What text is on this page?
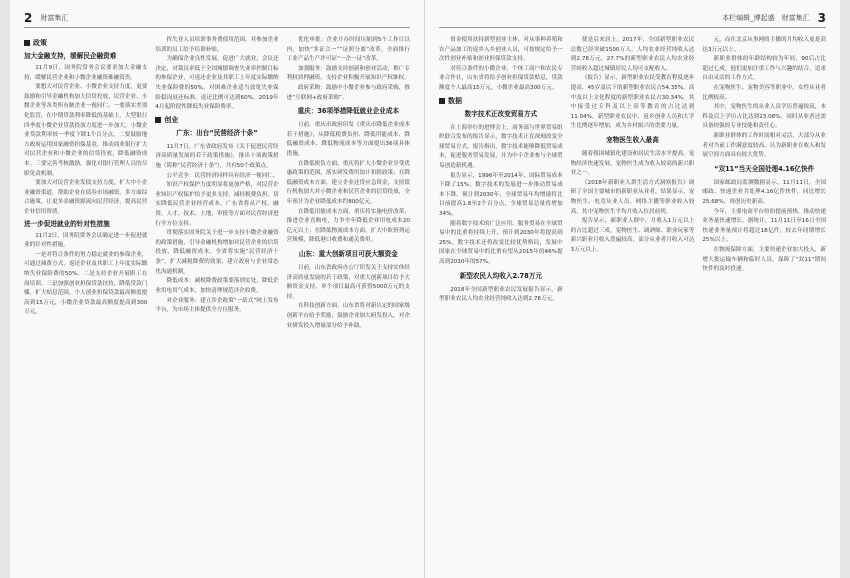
2 财富集汇
政策
加大金融支持，缓解民企融资难

11月9日，国务院常务会议要求加大金融支持，缓解民营企业和小微企业融资难融资贵。

要想大对民营企业、小微企业支持力度，更要鼓励和引导金融机构加大信贷投放，民营企业、小微企业等各类所有制企业一视同仁。一要落实差别化监管，在中期贷款利率降低的基础上，大型银行四季度小微企业贷款投放力度进一步加大，小微企业贷款利率较一季度下降1个百分点。二要鼓励地方政府运用国家融资担保基金，推动商业银行扩大对民营企业和小微企业的信贷投放，降低融资成本。三要完善考核激励，强化对银行管理人员的尽职免责机制。

要加大对民营企业发债支持力度，扩大中小企业融资渠道，帮助企业在债券市场融资。多方面综合施策，让更多金融资源流向民营经济，提高民营企业信用资质。

进一步促进就业的针对性措施

11月2日，国务院常务会议确定进一步促进就业的针对性措施。

一是对符合条件的努力稳定就业的参保企业，可通过减费方式，返还企业及其职工上年度实际缴纳失业保险费的50%。二是支持企业开展职工在岗培训。三是加强创业担保贷款扶持，降低贷款门槛，扩大贴息范围，个人创业担保贷款最高额度提高到15万元，小微企业贷款最高额度提高到300万元。

挥失业人员培训事务费使用范围，对参加企业培训的员工给予培训补贴。

为确保企业良性发展，促进广大就业，会议还决定，对裁员率低于全国城镇调查失业率控制目标的参保企业，可返还企业及其职工上年度实际缴纳失业保险费的50%。对困难企业适当放宽失业保险稳岗返还标准，返还比例可达到60%。2019年4月起阶段性降低失业保险费率。

创业
广东：出台“民营经济十条”

11月7日，广东省政府发布《关于促进民营经济高质量发展的若干政策措施》，推出十项政策措施（简称“民营经济十条”），共有50个政策点。

公平竞争：民营经济同样具有经济一视同仁。

知识产权保护力度明显将更加严格，对民营企业知识产权保护给予更多支持。减轻税费负担，切实降低民营企业经营成本。广东省将从产权、融资、人才、技术、土地、审批等方面对民营经济进行全方位支持。

贯彻落实国务院关于进一步支持小微企业融资的政策措施，引导金融机构增加对民营企业的信贷投放，降低融资成本。全省将实施“民营经济十条”，扩大减税降费的效果，建立政府与企业常态化沟通机制。

降低成本：减税降费政策要落到实处，降低企业用电用气成本，加快清理规范涉企收费。

对企业服务：建立涉企政策“一站式”网上发布平台，为市场主体提供全方位服务。

优化审批：企业开办时间压缩到5个工作日以内，加快“多证合一”“证照分离”改革，全面推行工业产品生产许可证“一企一证”改革。

加强服务：鼓励支持创新和创业活动，推广专利权质押融资，支持企业积极开展知识产权维权。

政府采购：鼓励中小微企业参与政府采购，推进“互联网+政府采购”。

重庆：36项举措降低就业企业成本

日前，重庆市政府印发《重庆市降低企业成本若干措施》，从降低税费负担、降低用能成本、降低融资成本、降低物流成本等方面提出36项具体措施。

在降低税负方面，重庆将扩大小微企业享受优惠政策的范围，落实研发费用加计扣除政策；在降低融资成本方面，建立企业还贷应急资金，支持银行机构加大对小微企业和民营企业的信贷投放，全年预计为企业降低成本约800亿元。

在降低用能成本方面，重庆将实施电价改革，推进企业直购电，力争全年降低企业用电成本20亿元以上；在降低物流成本方面，扩大中欧班列运营规模，降低港口收费和通关费用。

山东：重大创新项目可获大额资金

日前，山东省政府办公厅印发关于支持实体经济高质量发展的若干政策，对重大创新项目给予大额资金支持，单个项目最高可获得5000万元的支持。

在科技创新方面，山东省将对新认定的国家级创新平台给予奖励，鼓励企业加大研发投入，对企业研发投入增量部分给予补助。

本栏编辑_博起盛　财富集汇 3

资金使用扶持新型创业主体。对从事种养殖和农产品加工的返乡入乡创业人员，可按规定给予一次性创业补贴和创业担保贷款支持。

对符合条件的小微企业、个体工商户和农民专业合作社，山东省将给予创业担保贷款贴息，贷款额度个人最高15万元，小微企业最高300万元。

数据
数字技术正改变贸易方式

在上海举行的进博会上，商务部与世界贸易组织联合发布的报告显示，数字技术正在深刻改变全球贸易方式。报告指出，数字技术能够降低贸易成本，促进服务贸易发展，并为中小企业参与全球贸易创造新机遇。

报告显示，1996年至2014年，国际贸易成本下降了15%，数字技术的发展进一步推动贸易成本下降。预计到2030年，全球贸易年均增速将比目前提高1.8至2个百分点，全球贸易总量将增加34%。

随着数字技术的广泛应用，服务贸易在全球贸易中的比重将持续上升，预计到2030年将提高到25%。数字技术还将改变比较优势格局，发展中国家在全球贸易中的比重有望从2015年的46%提高到2030年的57%。

新型农民人均收入2.78万元

2018年全国新型职业农民发展报告显示，新型职业农民人均农业经营纯收入达到2.78万元。

使是后来居上。2017年，全国新型职业农民总数已经突破1500万人，人均农业经营纯收入达到2.78万元，27.7%的新型职业农民人均农业经营纯收入超过城镇居民人均可支配收入。

《报告》显示，新型职业农民受教育程度逐步提高，45岁及以下的新型职业农民占54.35%，高中及以上文化程度的新型职业农民占30.34%，其中接受过专科及以上高等教育的占比达到11.04%。新型职业农民中，返乡创业人员和大学生比例逐年增加，成为乡村振兴的重要力量。

宠物医生收入最高

随着我国城镇化建设和居民生活水平提高，宠物经济快速发展，宠物医生成为收入较高的新兴职业之一。

《2018年新职业人群生活方式洞察报告》调研了全国主要城市的新职业从业者，结果显示，宠物医生、电竞从业人员、网络主播等职业收入较高，其中宠物医生平均月收入位居前列。

报告显示，新职业人群中，月收入1万元以上的占比超过三成，宠物医生、调酒师、职业玩家等新兴职业月收入普遍较高，部分从业者月收入可达3万元以上。

元，而在北京从事网络主播的月均收入更是高达3万元以上。

新职业群体的年龄结构较为年轻，90后占比超过七成，他们更加注重工作与兴趣的结合，追求自由灵活的工作方式。

在宠物医生、宠物美容等职业中，女性从业者比例较高。

其中，宠物医生的从业人员学历普遍较高，本科及以上学历占比达到23.08%，同时从业者还需具备较强的专业技能和责任心。

新职业群体的工作时间相对灵活，大部分从业者对当前工作满意度较高，认为新职业在收入和发展空间方面具有较大优势。

“双11”当天全国处理4.16亿快件

国家邮政局监测数据显示，11月11日，全国邮政、快递企业共处理4.16亿件快件，同比增长25.68%，再创历史新高。

今年，主要电商平台纷纷提前预热，推动快递业务量快速增长。据统计，11月11日至16日全国快递业务量预计将超过18亿件，较去年同期增长25%以上。

在物流保障方面，主要快递企业加大投入，新增大批运输车辆和临时人员，保障了“双11”期间快件的及时投递。
